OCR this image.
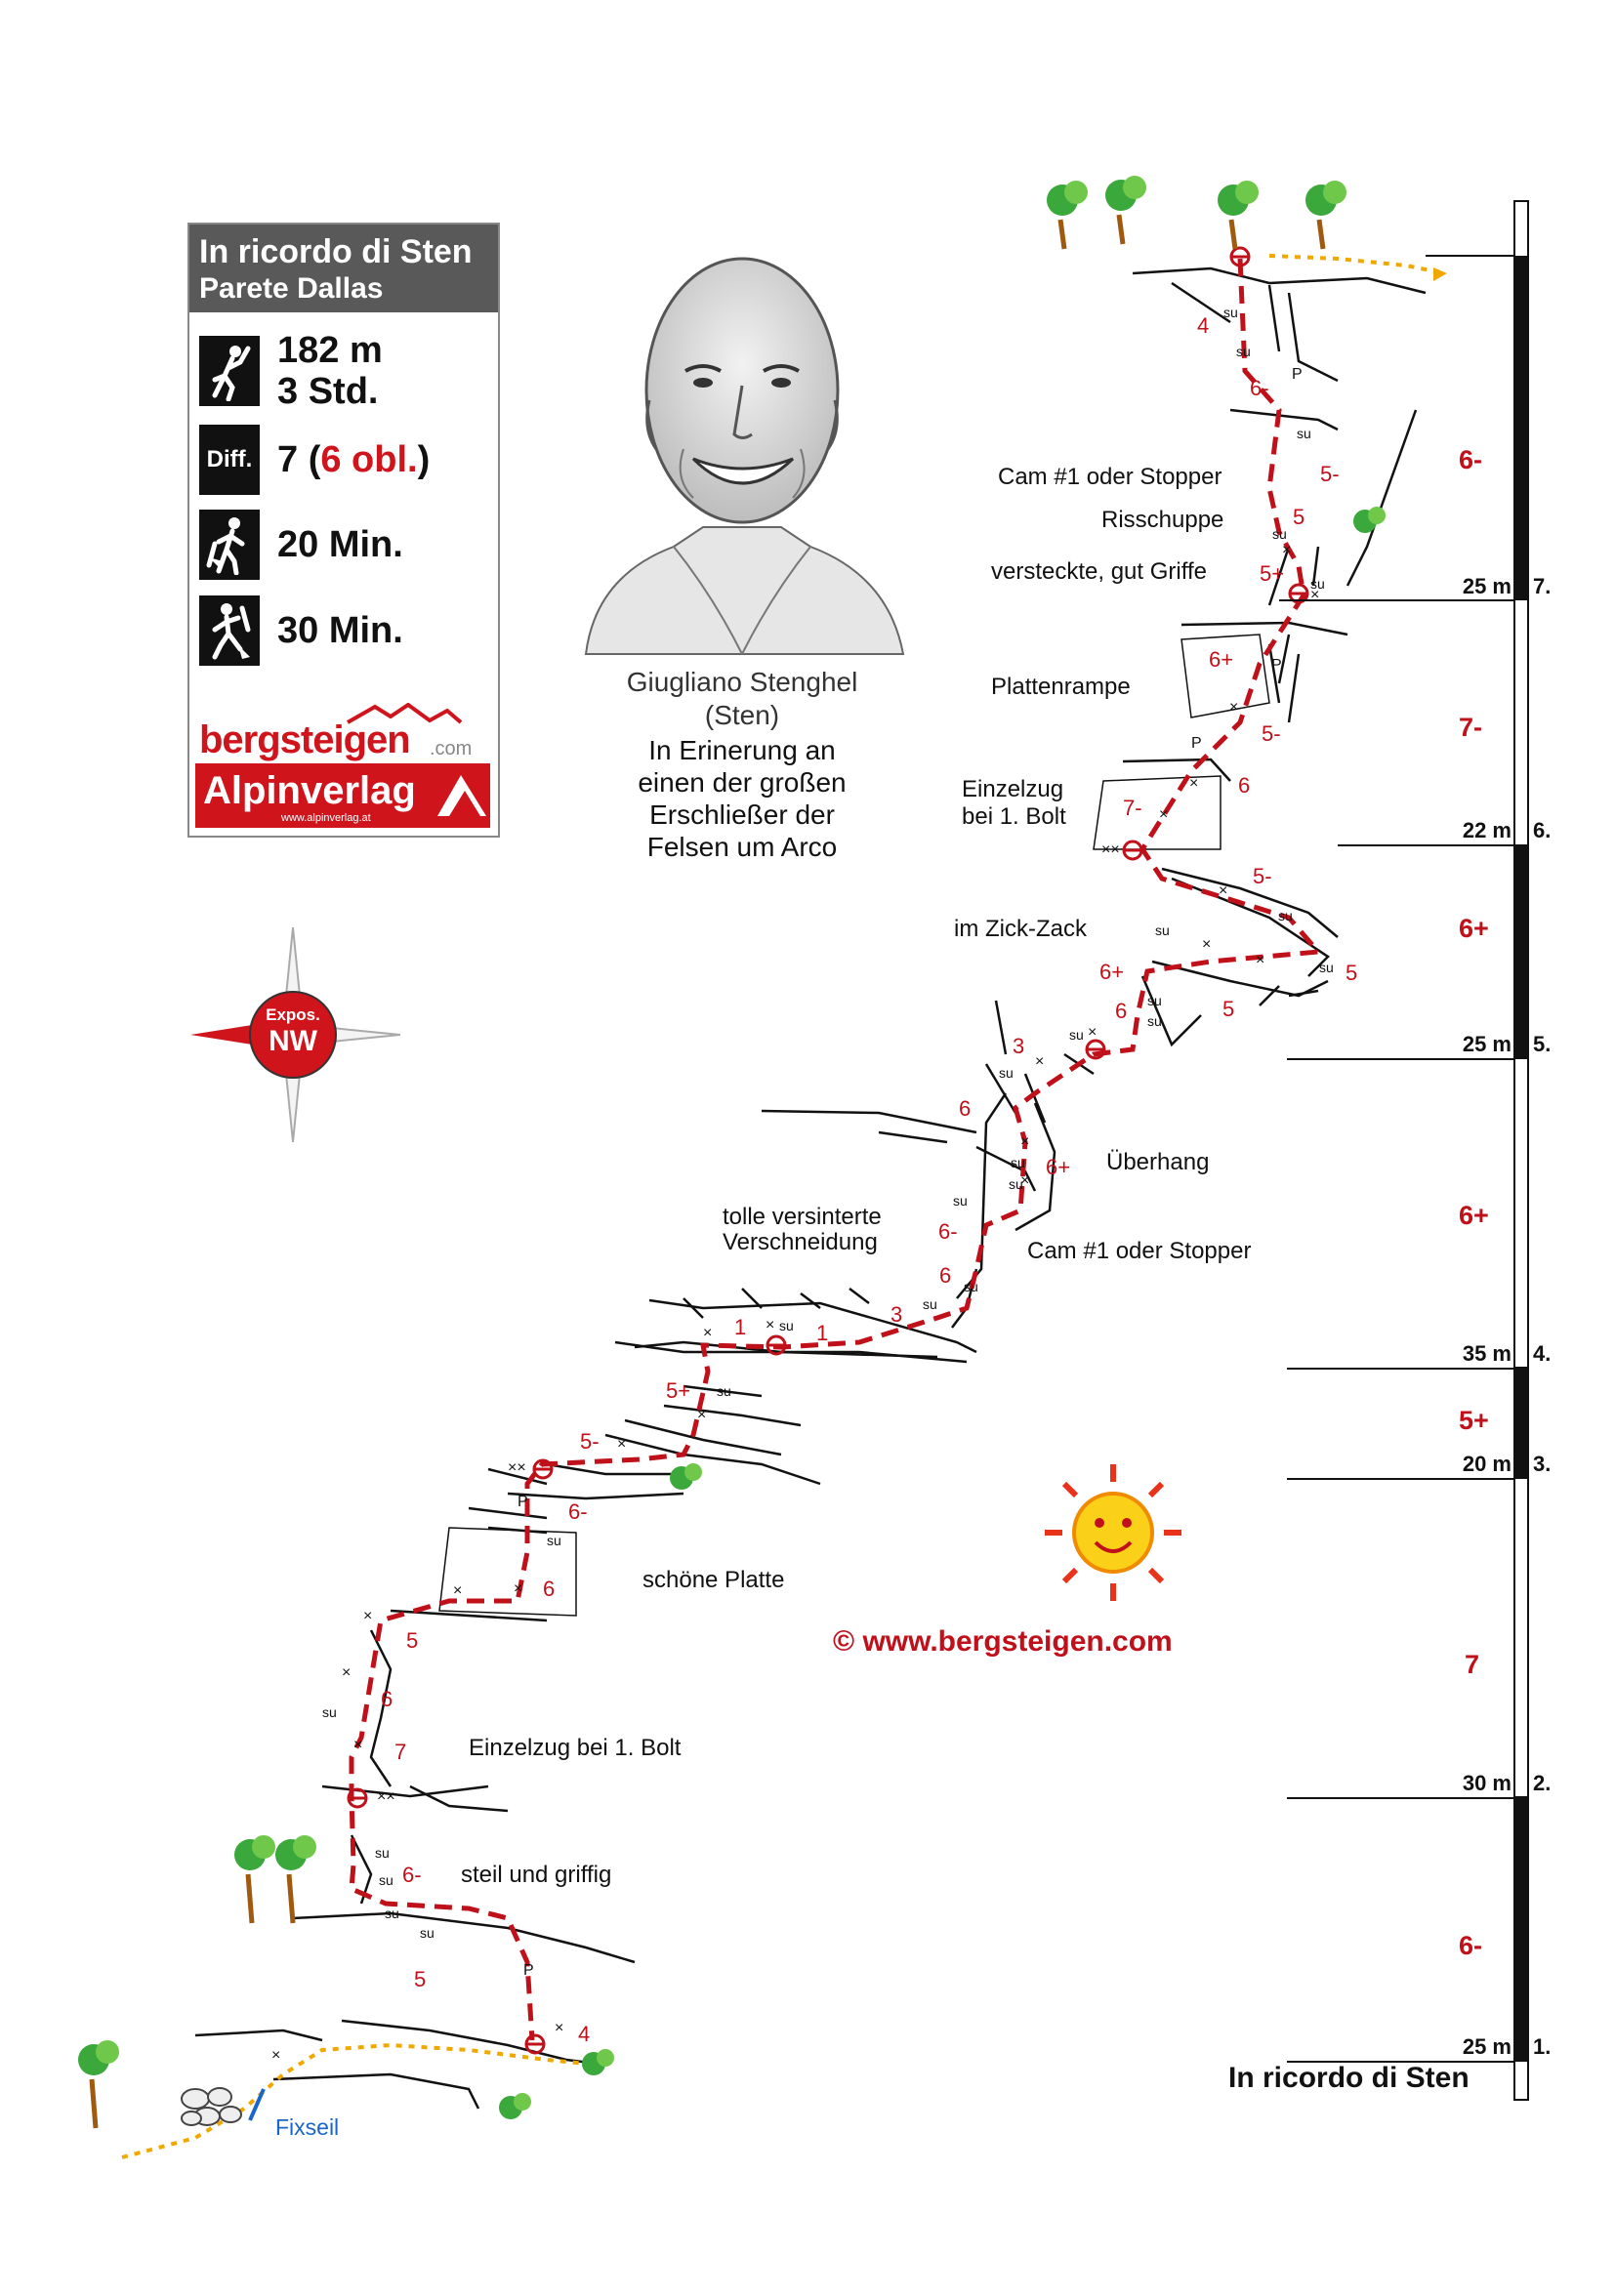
In ricordo di Sten
Parete Dallas
182 m
3 Std.
Diff. 7 (6 obl.)
20 Min.
30 Min.
bergsteigen .com
Alpinverlag
www.alpinverlag.at
Giugliano Stenghel
(Sten)
In Erinerung an
einen der großen
Erschließer der
Felsen um Arco
Expos.
NW
Cam #1 oder Stopper
Risschuppe
versteckte, gut Griffe
Plattenrampe
Einzelzug
bei 1. Bolt
im Zick-Zack
Überhang
tolle versinterte
Verschneidung	Cam #1 oder Stopper
schöne Platte
Einzelzug bei 1. Bolt
steil und griffig
Fixseil
© www.bergsteigen.com
4
6-
5-
5
5+
6+
5-
6
7-
5-
5
5
6+
6
3
6
6+
6-
6
3
1	1
5+
5-
6-
6
5
6
7
6-
5
4
su
su
su
su
su
su
su
su
su
su
su
su
su
su
su
su
su
su
su
su
su
su
su
su
su
×
×
×
×
×
××
×
×
×
×
×
×
×
×	×
×
×
××
×
×
×
×
×
××
×
×
P
P
P
P
P
25 m 7.
6-
22 m 6.
7-
25 m 5.
6+
35 m 4.
6+
20 m 3.
5+
30 m 2.
7
25 m 1.
6-
In ricordo di Sten
